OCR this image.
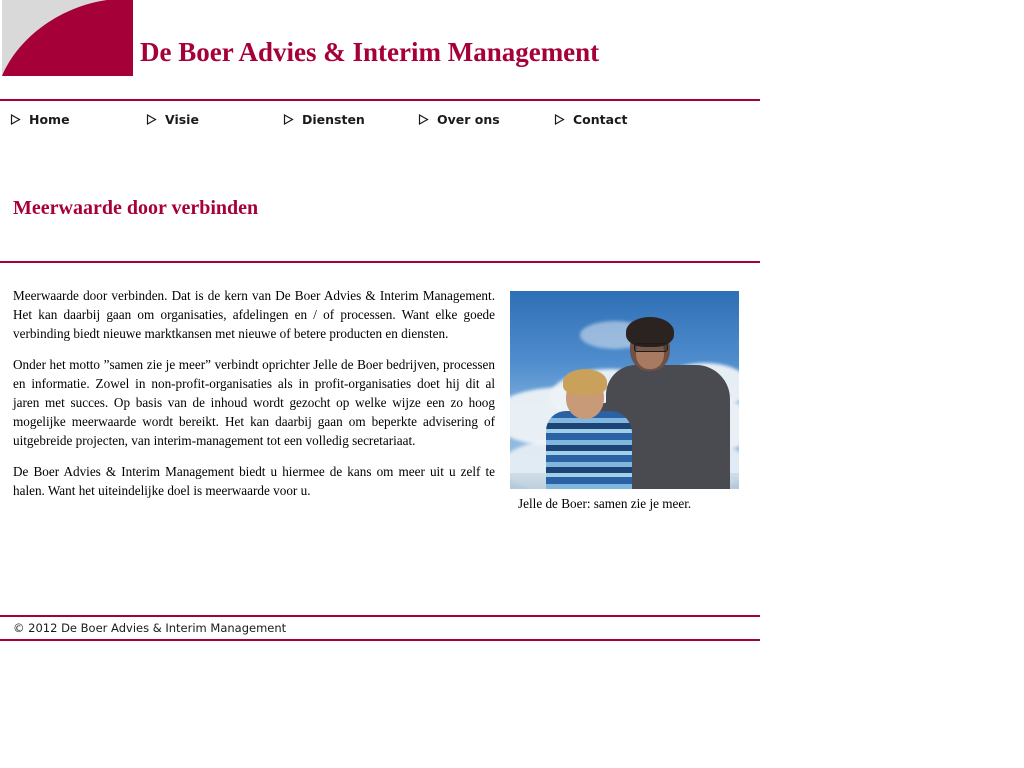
De Boer Advies & Interim Management
Home	Visie	Diensten	Over ons	Contact
Meerwaarde door verbinden

Meerwaarde door verbinden. Dat is de kern van De Boer Advies & Interim Management. Het kan daarbij gaan om organisaties, afdelingen en / of processen. Want elke goede verbinding biedt nieuwe marktkansen met nieuwe of betere producten en diensten.

Onder het motto ”samen zie je meer” verbindt oprichter Jelle de Boer bedrijven, processen en informatie. Zowel in non-profit-organisaties als in profit-organisaties doet hij dit al jaren met succes. Op basis van de inhoud wordt gezocht op welke wijze een zo hoog mogelijke meerwaarde wordt bereikt. Het kan daarbij gaan om beperkte advisering of uitgebreide projecten, van interim-management tot een volledig secretariaat.

De Boer Advies & Interim Management biedt u hiermee de kans om meer uit u zelf te halen. Want het uiteindelijke doel is meerwaarde voor u.

Jelle de Boer: samen zie je meer.
© 2012 De Boer Advies & Interim Management
